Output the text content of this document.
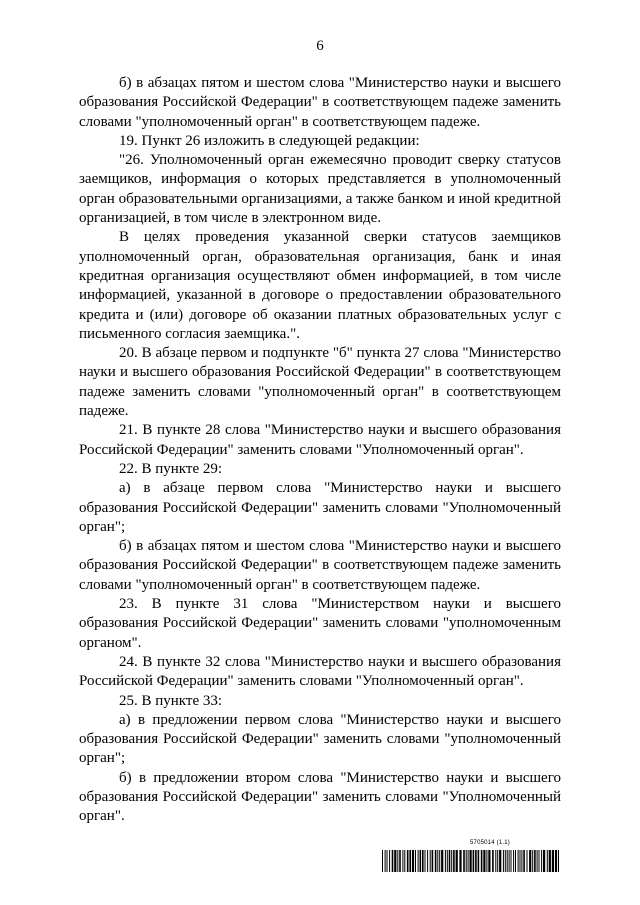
6

б) в абзацах пятом и шестом слова "Министерство науки и высшего образования Российской Федерации" в соответствующем падеже заменить словами "уполномоченный орган" в соответствующем падеже.

19. Пункт 26 изложить в следующей редакции:

"26. Уполномоченный орган ежемесячно проводит сверку статусов заемщиков, информация о которых представляется в уполномоченный орган образовательными организациями, а также банком и иной кредитной организацией, в том числе в электронном виде.

В целях проведения указанной сверки статусов заемщиков уполномоченный орган, образовательная организация, банк и иная кредитная организация осуществляют обмен информацией, в том числе информацией, указанной в договоре о предоставлении образовательного кредита и (или) договоре об оказании платных образовательных услуг с письменного согласия заемщика.".

20. В абзаце первом и подпункте "б" пункта 27 слова "Министерство науки и высшего образования Российской Федерации" в соответствующем падеже заменить словами "уполномоченный орган" в соответствующем падеже.

21. В пункте 28 слова "Министерство науки и высшего образования Российской Федерации" заменить словами "Уполномоченный орган".

22. В пункте 29:

а) в абзаце первом слова "Министерство науки и высшего образования Российской Федерации" заменить словами "Уполномоченный орган";

б) в абзацах пятом и шестом слова "Министерство науки и высшего образования Российской Федерации" в соответствующем падеже заменить словами "уполномоченный орган" в соответствующем падеже.

23. В пункте 31 слова "Министерством науки и высшего образования Российской Федерации" заменить словами "уполномоченным органом".

24. В пункте 32 слова "Министерство науки и высшего образования Российской Федерации" заменить словами "Уполномоченный орган".

25. В пункте 33:

а) в предложении первом слова "Министерство науки и высшего образования Российской Федерации" заменить словами "уполномоченный орган";

б) в предложении втором слова "Министерство науки и высшего образования Российской Федерации" заменить словами "Уполномоченный орган".

5705014 (1.1)
